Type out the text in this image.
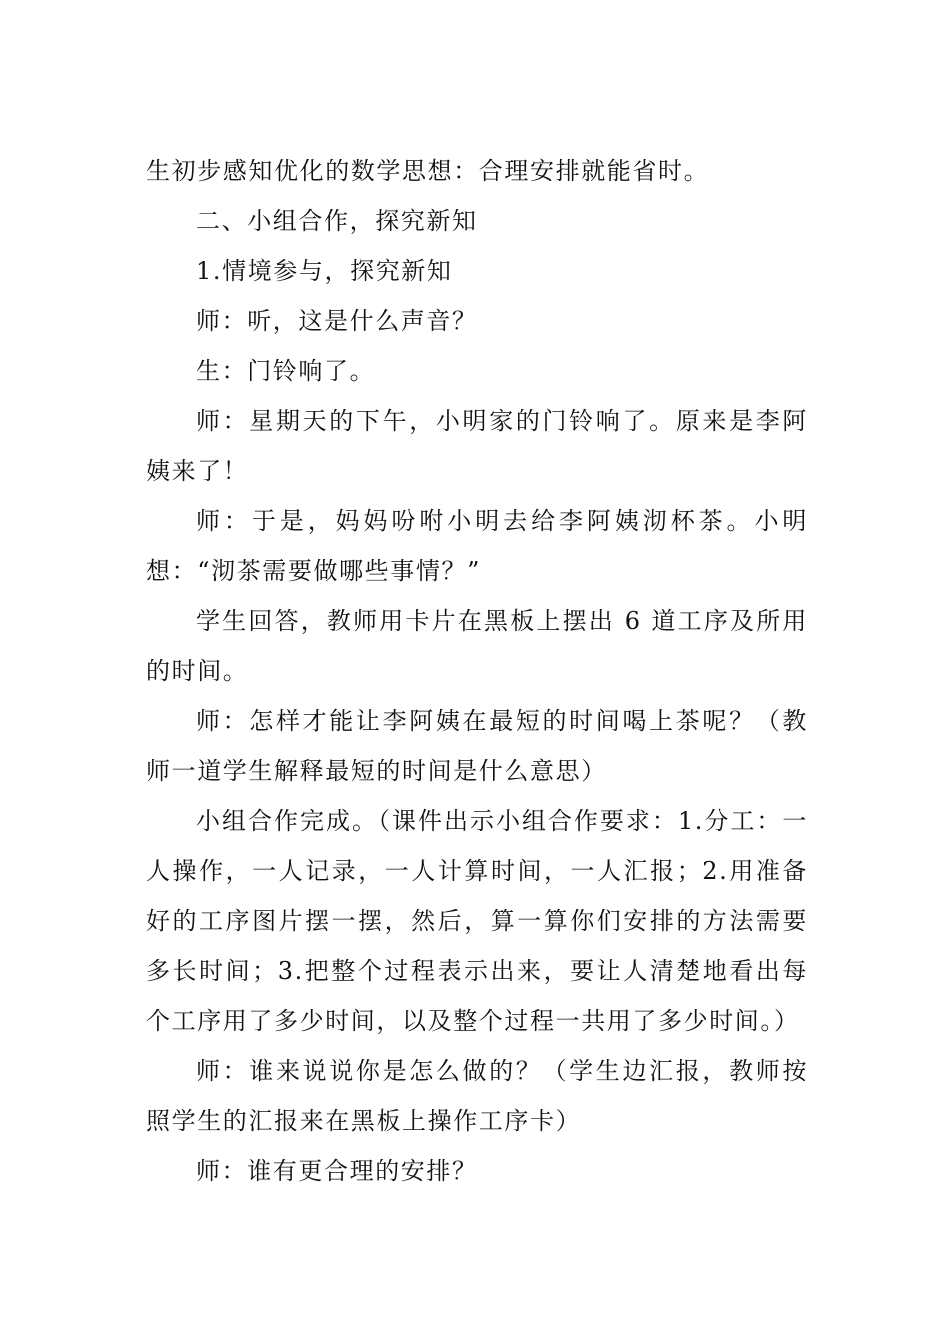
生初步感知优化的数学思想：合理安排就能省时。

二、小组合作，探究新知

1.情境参与，探究新知

师：听，这是什么声音？

生：门铃响了。

师：星期天的下午，小明家的门铃响了。原来是李阿姨来了！

师：于是，妈妈吩咐小明去给李阿姨沏杯茶。小明想：“沏茶需要做哪些事情？”

学生回答，教师用卡片在黑板上摆出 6 道工序及所用的时间。

师：怎样才能让李阿姨在最短的时间喝上茶呢？（教师一道学生解释最短的时间是什么意思）

小组合作完成。（课件出示小组合作要求：1.分工：一人操作，一人记录，一人计算时间，一人汇报；2.用准备好的工序图片摆一摆，然后，算一算你们安排的方法需要多长时间；3.把整个过程表示出来，要让人清楚地看出每个工序用了多少时间，以及整个过程一共用了多少时间。）

师：谁来说说你是怎么做的？（学生边汇报，教师按照学生的汇报来在黑板上操作工序卡）

师：谁有更合理的安排？
